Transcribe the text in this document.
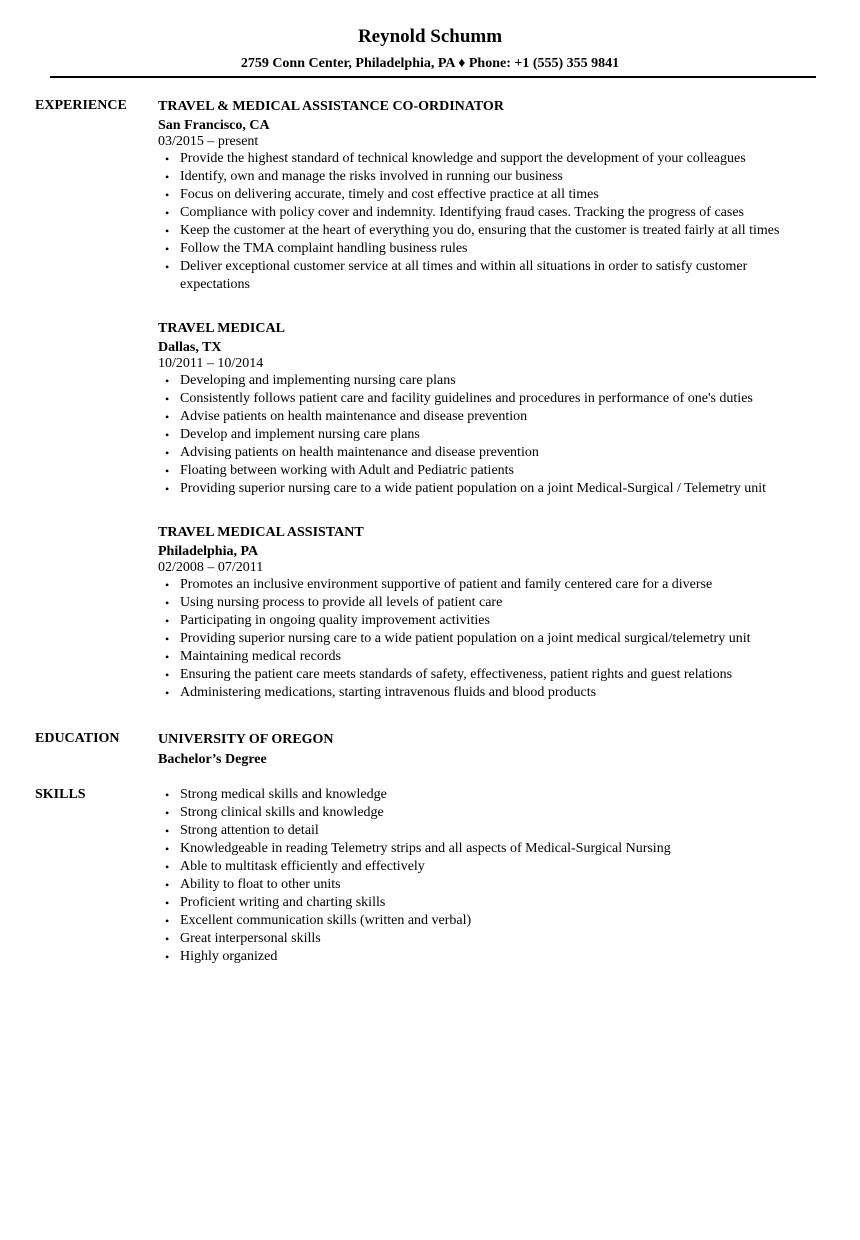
Reynold Schumm
2759 Conn Center, Philadelphia, PA ♦ Phone: +1 (555) 355 9841
EXPERIENCE	TRAVEL & MEDICAL ASSISTANCE CO-ORDINATOR
San Francisco, CA
03/2015 – present
• Provide the highest standard of technical knowledge and support the development of your colleagues
• Identify, own and manage the risks involved in running our business
• Focus on delivering accurate, timely and cost effective practice at all times
• Compliance with policy cover and indemnity. Identifying fraud cases. Tracking the progress of cases
• Keep the customer at the heart of everything you do, ensuring that the customer is treated fairly at all times
• Follow the TMA complaint handling business rules
• Deliver exceptional customer service at all times and within all situations in order to satisfy customer expectations
TRAVEL MEDICAL
Dallas, TX
10/2011 – 10/2014
• Developing and implementing nursing care plans
• Consistently follows patient care and facility guidelines and procedures in performance of one's duties
• Advise patients on health maintenance and disease prevention
• Develop and implement nursing care plans
• Advising patients on health maintenance and disease prevention
• Floating between working with Adult and Pediatric patients
• Providing superior nursing care to a wide patient population on a joint Medical-Surgical / Telemetry unit
TRAVEL MEDICAL ASSISTANT
Philadelphia, PA
02/2008 – 07/2011
• Promotes an inclusive environment supportive of patient and family centered care for a diverse
• Using nursing process to provide all levels of patient care
• Participating in ongoing quality improvement activities
• Providing superior nursing care to a wide patient population on a joint medical surgical/telemetry unit
• Maintaining medical records
• Ensuring the patient care meets standards of safety, effectiveness, patient rights and guest relations
• Administering medications, starting intravenous fluids and blood products
EDUCATION	UNIVERSITY OF OREGON
Bachelor’s Degree
SKILLS
•	Strong medical skills and knowledge
• Strong clinical skills and knowledge
• Strong attention to detail
• Knowledgeable in reading Telemetry strips and all aspects of Medical-Surgical Nursing
• Able to multitask efficiently and effectively
• Ability to float to other units
• Proficient writing and charting skills
• Excellent communication skills (written and verbal)
• Great interpersonal skills
• Highly organized
